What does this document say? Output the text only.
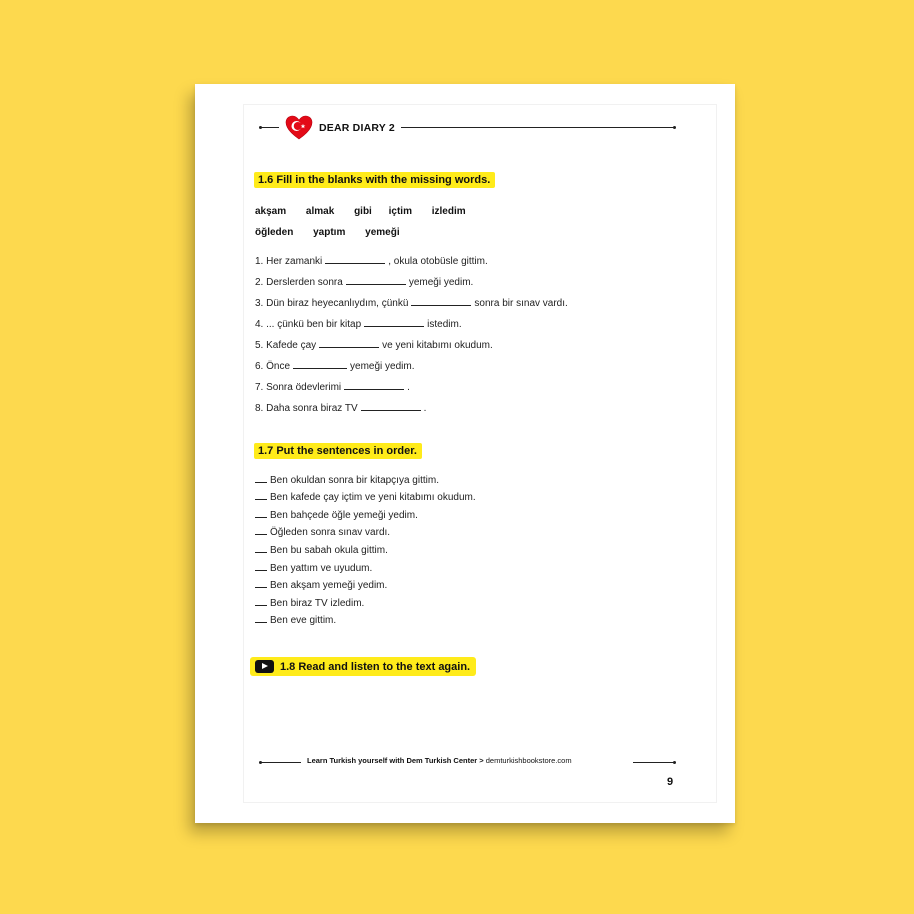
DEAR DIARY 2
1.6 Fill in the blanks with the missing words.
akşam almak gibi içtim izledim
öğleden yaptım yemeği
1. Her zamanki	, okula otobüsle gittim.
2. Derslerden sonra	yemeği yedim.
3. Dün biraz heyecanlıydım, çünkü	sonra bir sınav vardı.
4. ... çünkü ben bir kitap	istedim.
5. Kafede çay	ve yeni kitabımı okudum.
6. Önce	yemeği yedim.
7. Sonra ödevlerimi	.
8. Daha sonra biraz TV	.
1.7 Put the sentences in order.
Ben okuldan sonra bir kitapçıya gittim.
Ben kafede çay içtim ve yeni kitabımı okudum.
Ben bahçede öğle yemeği yedim.
Öğleden sonra sınav vardı.
Ben bu sabah okula gittim.
Ben yattım ve uyudum.
Ben akşam yemeği yedim.
Ben biraz TV izledim.
Ben eve gittim.
1.8 Read and listen to the text again.
Learn Turkish yourself with Dem Turkish Center > demturkishbookstore.com
9
